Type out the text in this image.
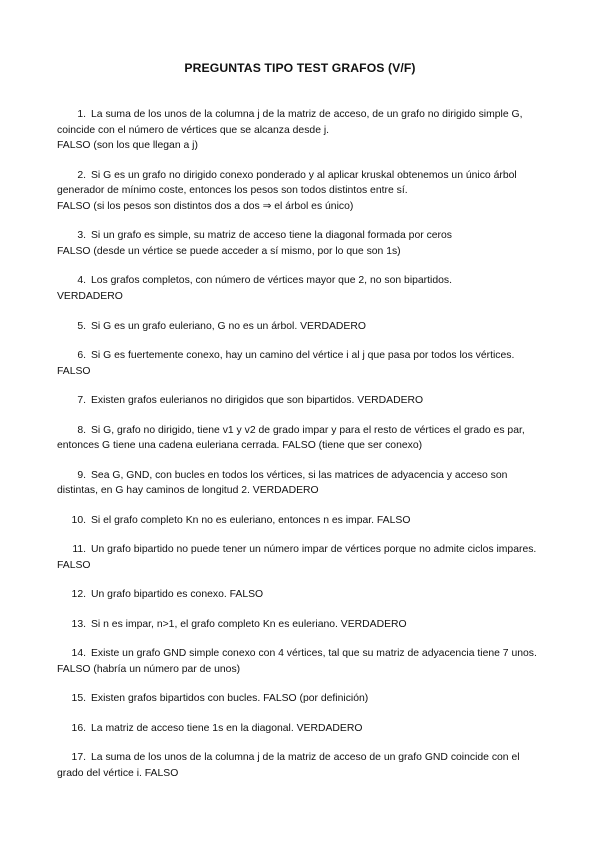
PREGUNTAS TIPO TEST GRAFOS (V/F)
1. La suma de los unos de la columna j de la matriz de acceso, de un grafo no dirigido simple G, coincide con el número de vértices que se alcanza desde j.
FALSO (son los que llegan a j)
2. Si G es un grafo no dirigido conexo ponderado y al aplicar kruskal obtenemos un único árbol generador de mínimo coste, entonces los pesos son todos distintos entre sí.
FALSO (si los pesos son distintos dos a dos ⇒ el árbol es único)
3. Si un grafo es simple, su matriz de acceso tiene la diagonal formada por ceros
FALSO (desde un vértice se puede acceder a sí mismo, por lo que son 1s)
4. Los grafos completos, con número de vértices mayor que 2, no son bipartidos.
VERDADERO
5. Si G es un grafo euleriano, G no es un árbol. VERDADERO
6. Si G es fuertemente conexo, hay un camino del vértice i al j que pasa por todos los vértices. FALSO
7. Existen grafos eulerianos no dirigidos que son bipartidos. VERDADERO
8. Si G, grafo no dirigido, tiene v1 y v2 de grado impar y para el resto de vértices el grado es par, entonces G tiene una cadena euleriana cerrada. FALSO (tiene que ser conexo)
9. Sea G, GND, con bucles en todos los vértices, si las matrices de adyacencia y acceso son distintas, en G hay caminos de longitud 2. VERDADERO
10. Si el grafo completo Kn no es euleriano, entonces n es impar. FALSO
11. Un grafo bipartido no puede tener un número impar de vértices porque no admite ciclos impares. FALSO
12. Un grafo bipartido es conexo. FALSO
13. Si n es impar, n>1, el grafo completo Kn es euleriano. VERDADERO
14. Existe un grafo GND simple conexo con 4 vértices, tal que su matriz de adyacencia tiene 7 unos. FALSO (habría un número par de unos)
15. Existen grafos bipartidos con bucles. FALSO (por definición)
16. La matriz de acceso tiene 1s en la diagonal. VERDADERO
17. La suma de los unos de la columna j de la matriz de acceso de un grafo GND coincide con el grado del vértice i. FALSO
